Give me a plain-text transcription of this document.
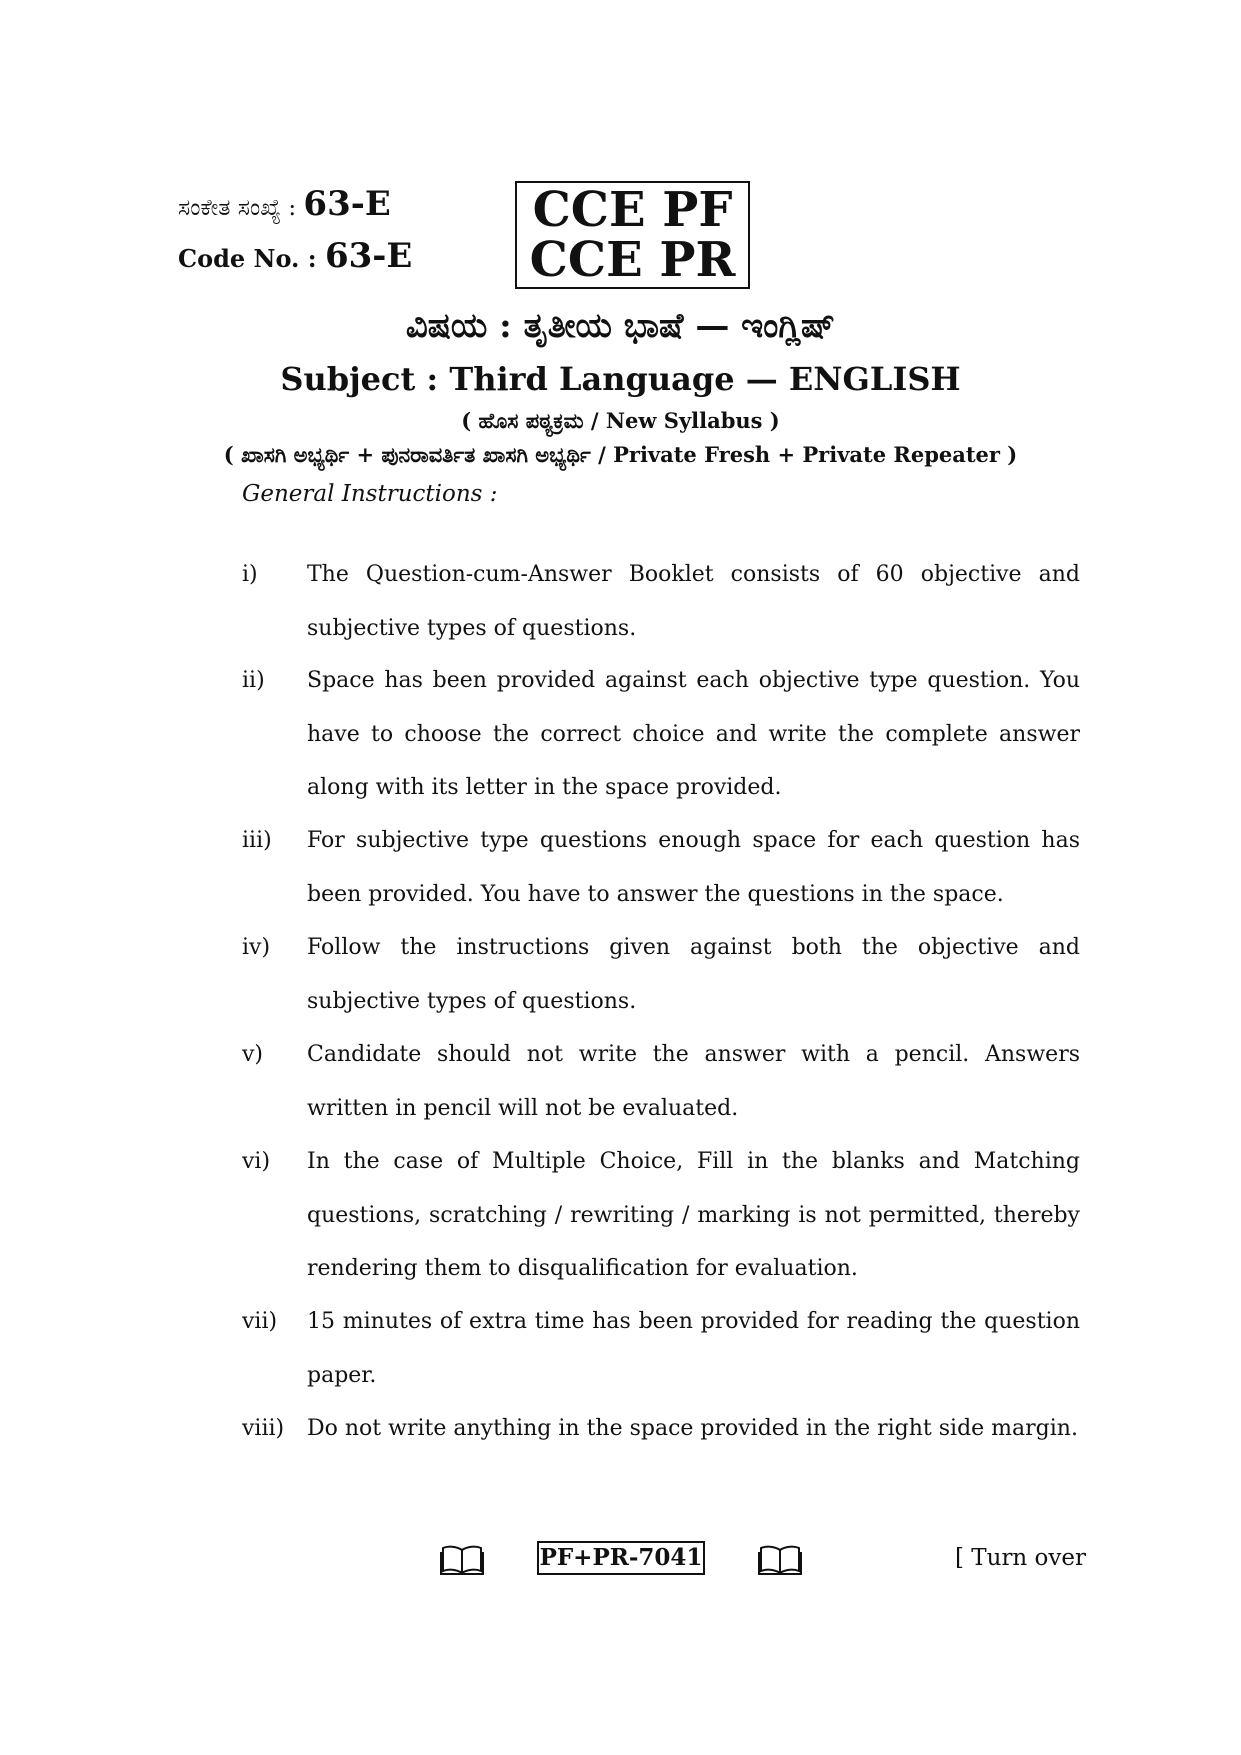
ಸಂಕೇತ ಸಂಖ್ಯೆ : 63-E
Code No. : 63-E
CCE PF
CCE PR
ವಿಷಯ : ತೃತೀಯ ಭಾಷೆ — ಇಂಗ್ಲಿಷ್
Subject : Third Language — ENGLISH
( ಹೊಸ ಪಠ್ಯಕ್ರಮ / New Syllabus )
( ಖಾಸಗಿ ಅಭ್ಯರ್ಥಿ + ಪುನರಾವರ್ತಿತ ಖಾಸಗಿ ಅಭ್ಯರ್ಥಿ / Private Fresh + Private Repeater )
General Instructions :
i) The Question-cum-Answer Booklet consists of 60 objective and subjective types of questions.
ii) Space has been provided against each objective type question. You have to choose the correct choice and write the complete answer along with its letter in the space provided.
iii) For subjective type questions enough space for each question has been provided. You have to answer the questions in the space.
iv) Follow the instructions given against both the objective and subjective types of questions.
v) Candidate should not write the answer with a pencil. Answers written in pencil will not be evaluated.
vi) In the case of Multiple Choice, Fill in the blanks and Matching questions, scratching / rewriting / marking is not permitted, thereby rendering them to disqualification for evaluation.
vii) 15 minutes of extra time has been provided for reading the question paper.
viii) Do not write anything in the space provided in the right side margin.
PF+PR-7041	[ Turn over
